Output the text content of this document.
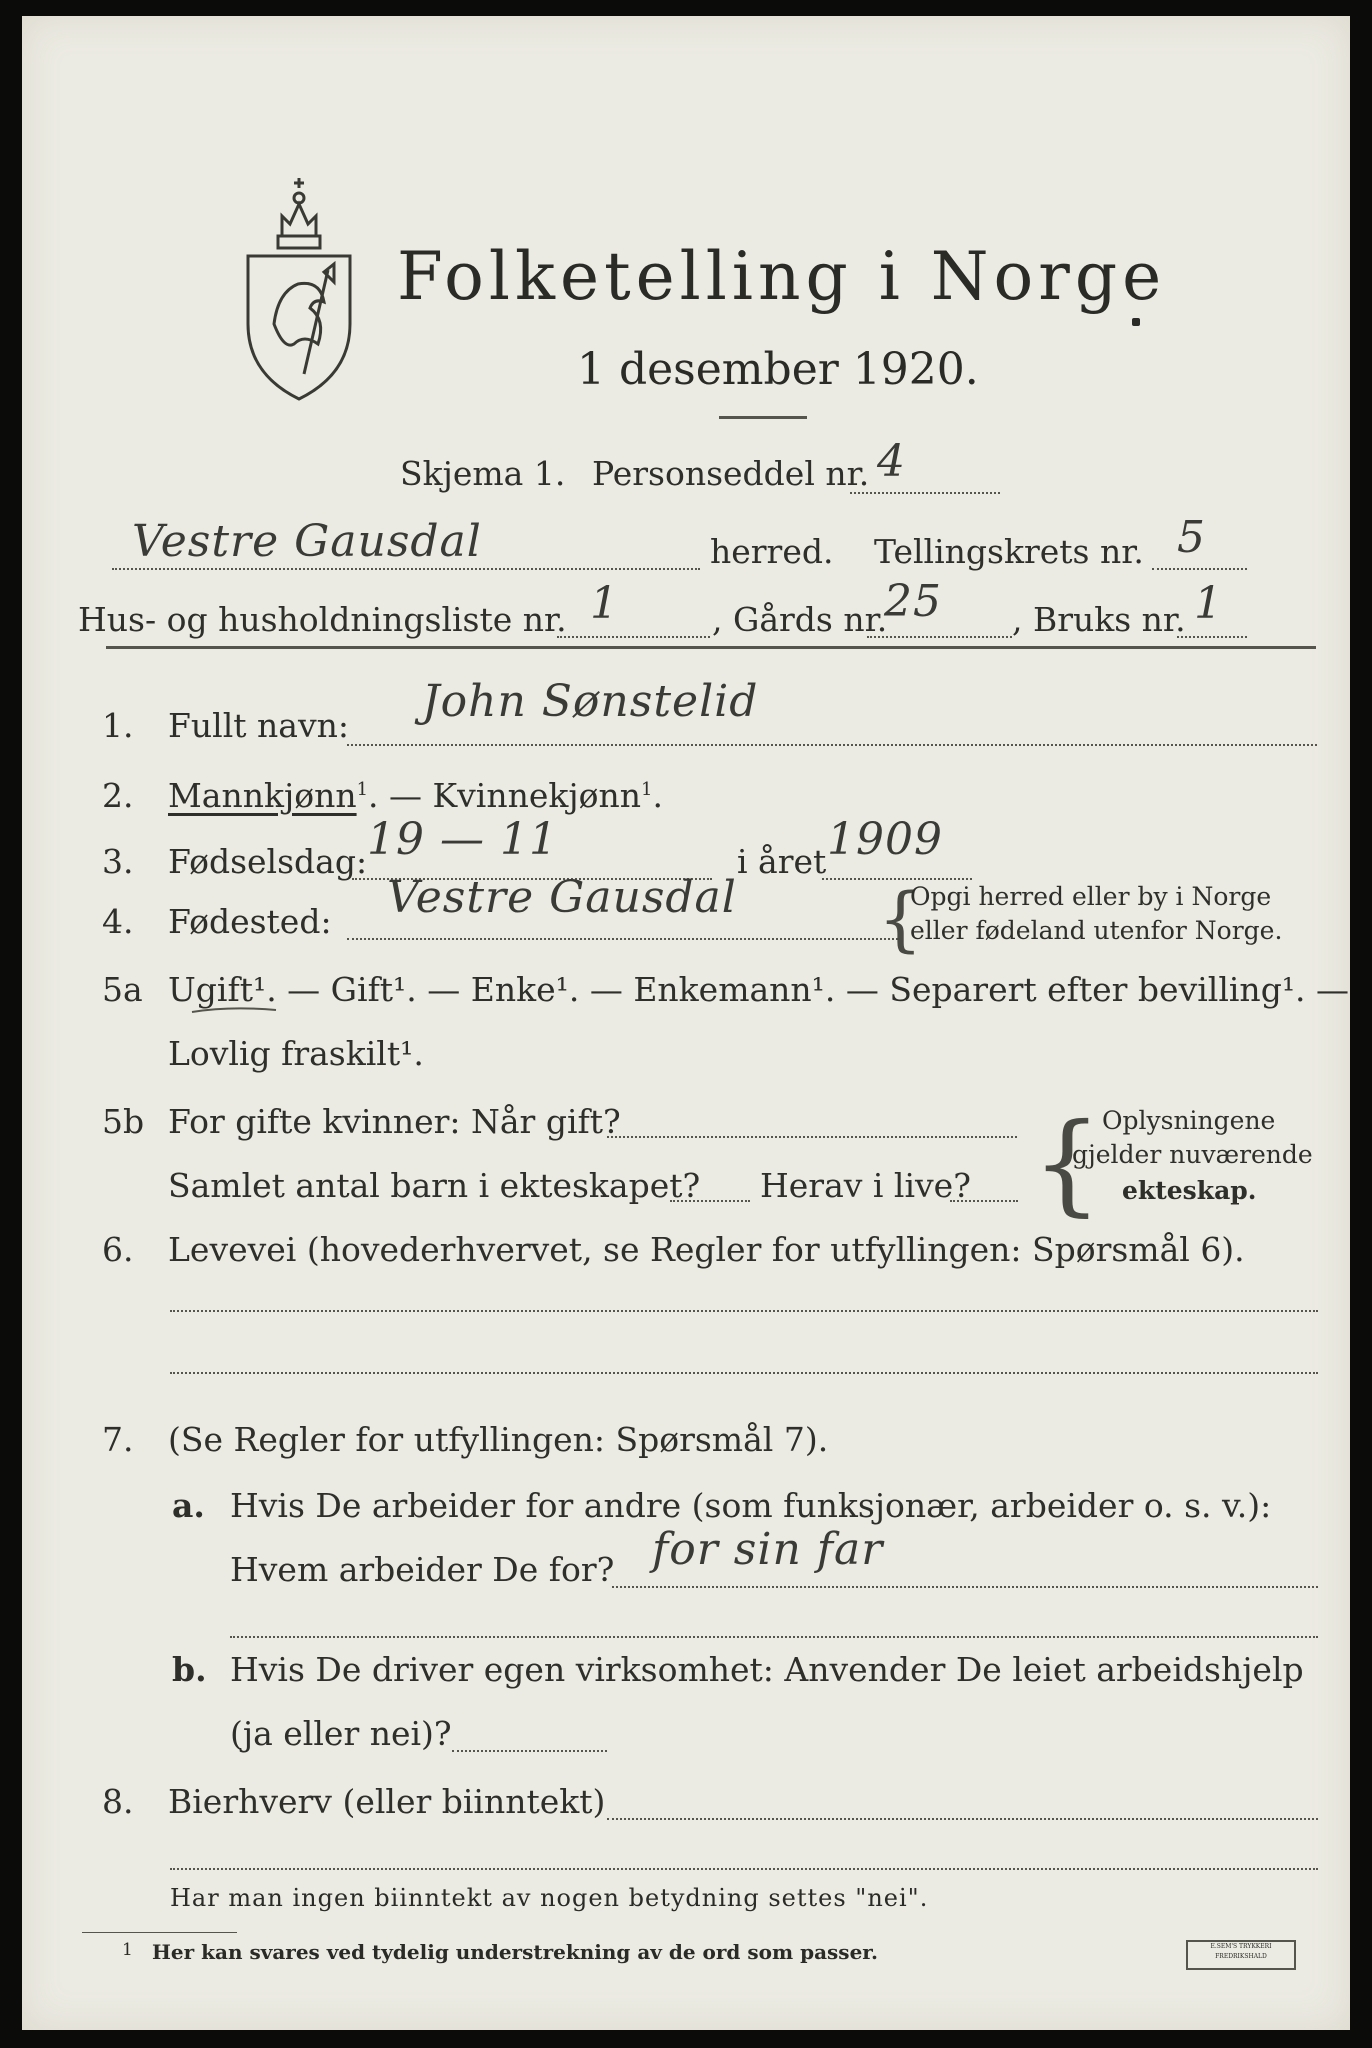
Folketelling i Norge
1 desember 1920.
Skjema 1. Personseddel nr. 4
Vestre Gausdal	herred. Tellingskrets nr. 5
Hus- og husholdningsliste nr. 1	, Gårds nr.
25 , Bruks nr. 1
1. Fullt navn: John Sønstelid
2. Mannkjønn$^1$. — Kvinnekjønn$^1$.
3. Fødselsdag: 19 — 11	i året 1909
4. Fødested: Vestre Gausdal {
Opgi herred eller by i Norge
eller fødeland utenfor Norge.
5a Ugift¹. — Gift¹. — Enke¹. — Enkemann¹. — Separert efter bevilling¹. —
Lovlig fraskilt¹.
5b For gifte kvinner: Når gift?
Samlet antal barn i ekteskapet? Herav i live? { Oplysningene
gjelder nuværende
ekteskap.
6. Levevei (hovederhvervet, se Regler for utfyllingen: Spørsmål 6).
7. (Se Regler for utfyllingen: Spørsmål 7).
a. Hvis De arbeider for andre (som funksjonær, arbeider o. s. v.):
Hvem arbeider De for? for sin far
b. Hvis De driver egen virksomhet: Anvender De leiet arbeidshjelp
(ja eller nei)?
8. Bierhverv (eller biinntekt)
Har man ingen biinntekt av nogen betydning settes "nei".
1 Her kan svares ved tydelig understrekning av de ord som passer.	E.SEM'S TRYKKERI FREDRIKSHALD
